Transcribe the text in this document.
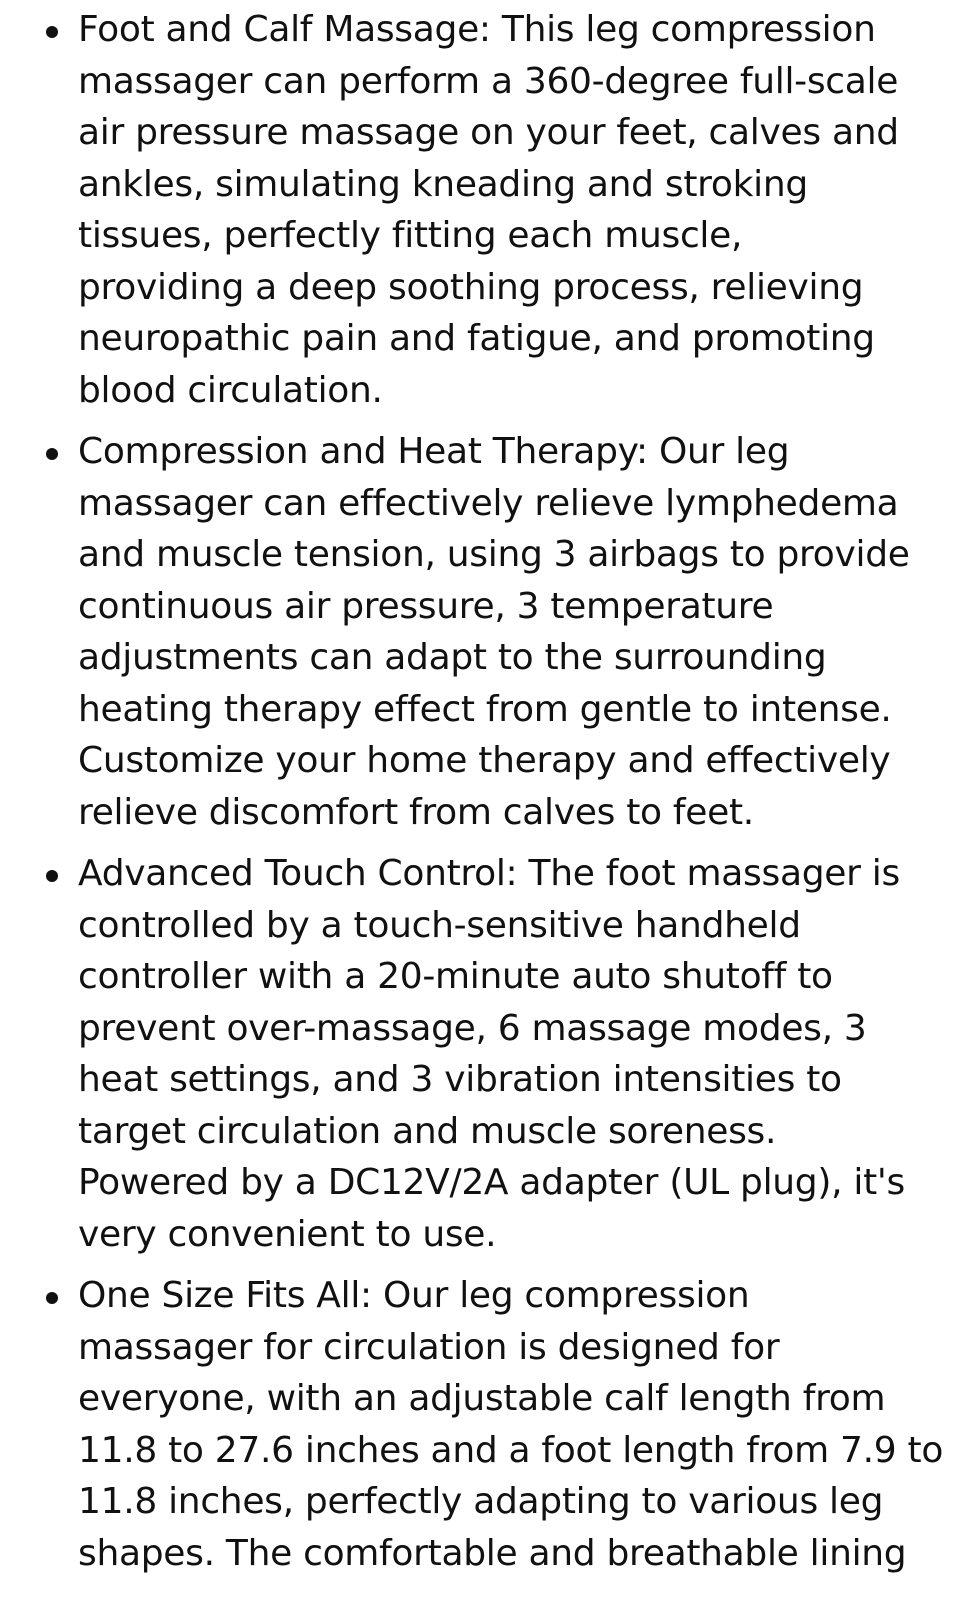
Foot and Calf Massage: This leg compression
massager can perform a 360-degree full-scale
air pressure massage on your feet, calves and
ankles, simulating kneading and stroking
tissues, perfectly fitting each muscle,
providing a deep soothing process, relieving
neuropathic pain and fatigue, and promoting
blood circulation.
Compression and Heat Therapy: Our leg
massager can effectively relieve lymphedema
and muscle tension, using 3 airbags to provide
continuous air pressure, 3 temperature
adjustments can adapt to the surrounding
heating therapy effect from gentle to intense.
Customize your home therapy and effectively
relieve discomfort from calves to feet.
Advanced Touch Control: The foot massager is
controlled by a touch-sensitive handheld
controller with a 20-minute auto shutoff to
prevent over-massage, 6 massage modes, 3
heat settings, and 3 vibration intensities to
target circulation and muscle soreness.
Powered by a DC12V/2A adapter (UL plug), it's
very convenient to use.
One Size Fits All: Our leg compression
massager for circulation is designed for
everyone, with an adjustable calf length from
11.8 to 27.6 inches and a foot length from 7.9 to
11.8 inches, perfectly adapting to various leg
shapes. The comfortable and breathable lining
